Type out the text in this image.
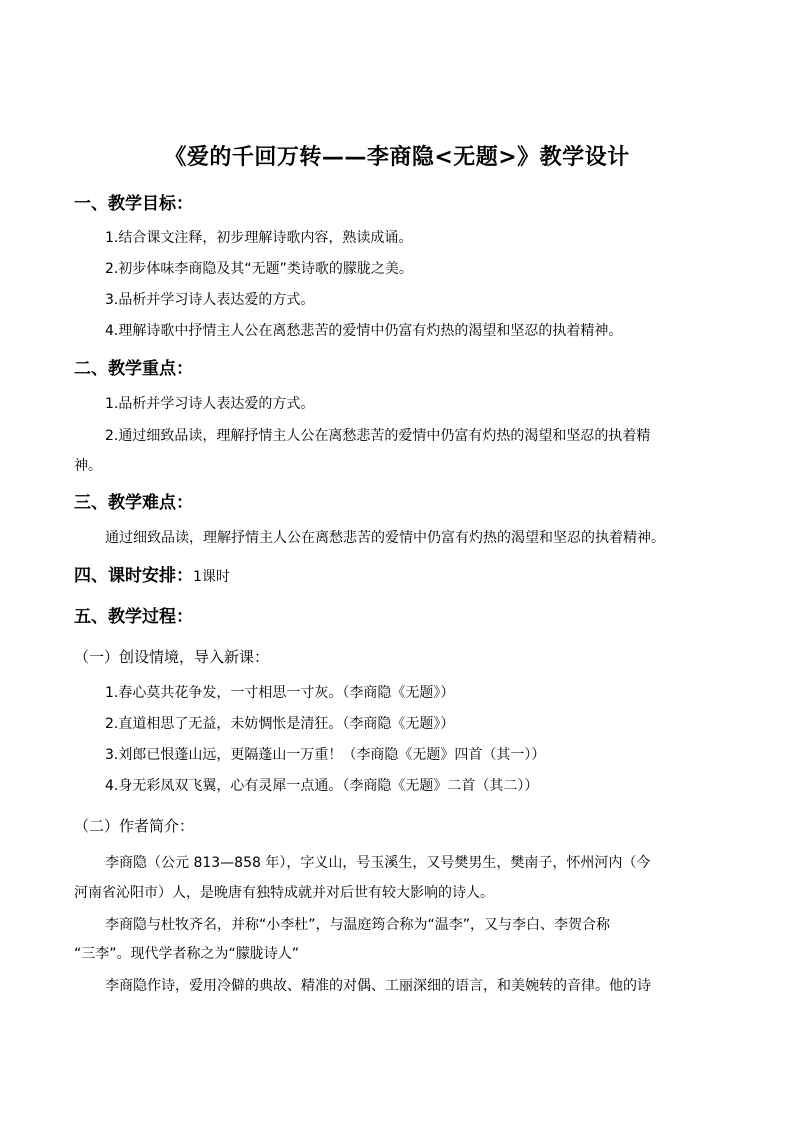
《爱的千回万转——李商隐<无题>》教学设计
一、教学目标：
1.结合课文注释，初步理解诗歌内容，熟读成诵。
2.初步体味李商隐及其“无题”类诗歌的朦胧之美。
3.品析并学习诗人表达爱的方式。
4.理解诗歌中抒情主人公在离愁悲苦的爱情中仍富有灼热的渴望和坚忍的执着精神。
二、教学重点：
1.品析并学习诗人表达爱的方式。
2.通过细致品读，理解抒情主人公在离愁悲苦的爱情中仍富有灼热的渴望和坚忍的执着精
神。
三、教学难点：
通过细致品读，理解抒情主人公在离愁悲苦的爱情中仍富有灼热的渴望和坚忍的执着精神。
四、课时安排：1课时
五、教学过程：
（一）创设情境，导入新课：
1.春心莫共花争发，一寸相思一寸灰。（李商隐《无题》）
2.直道相思了无益，未妨惆怅是清狂。（李商隐《无题》）
3.刘郎已恨蓬山远，更隔蓬山一万重！（李商隐《无题》四首（其一））
4.身无彩凤双飞翼，心有灵犀一点通。（李商隐《无题》二首（其二））
（二）作者简介：
李商隐（公元 813—858 年），字义山，号玉溪生，又号樊男生，樊南子，怀州河内（今
河南省沁阳市）人，是晚唐有独特成就并对后世有较大影响的诗人。
李商隐与杜牧齐名，并称“小李杜”，与温庭筠合称为“温李”，又与李白、李贺合称
“三李”。现代学者称之为“朦胧诗人”
李商隐作诗，爱用冷僻的典故、精准的对偶、工丽深细的语言，和美婉转的音律。他的诗
